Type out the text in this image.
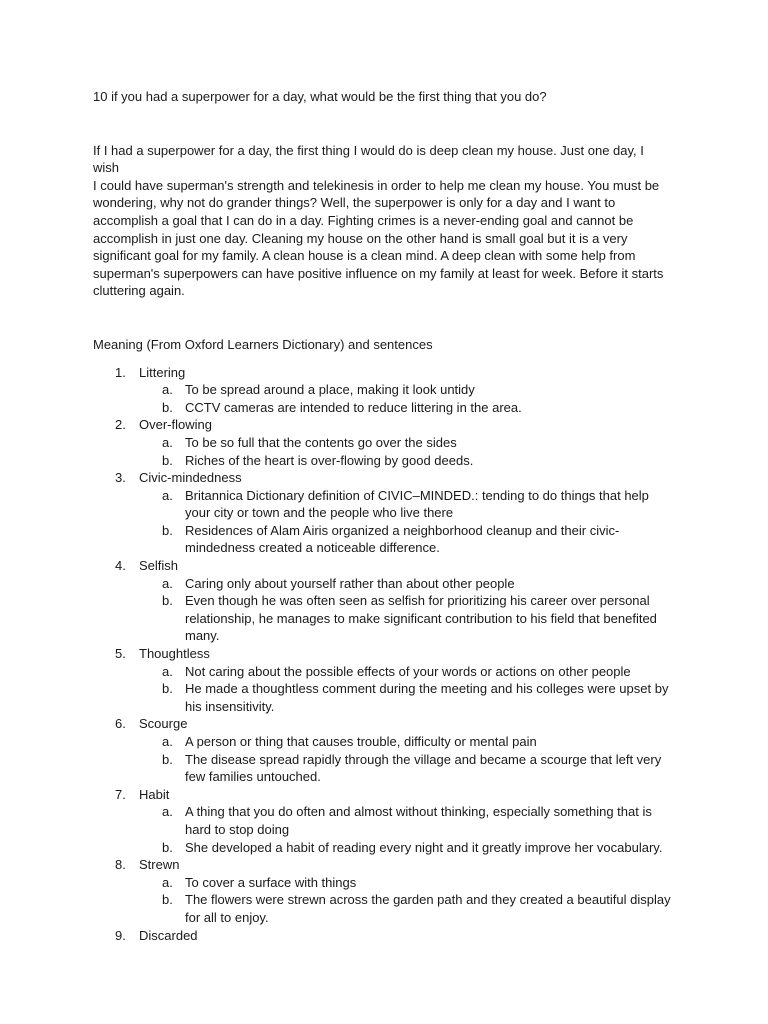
10 if you had a superpower for a day, what would be the first thing that you do?

If I had a superpower for a day, the first thing I would do is deep clean my house. Just one day, I wish
I could have superman's strength and telekinesis in order to help me clean my house. You must be
wondering, why not do grander things? Well, the superpower is only for a day and I want to
accomplish a goal that I can do in a day. Fighting crimes is a never-ending goal and cannot be
accomplish in just one day. Cleaning my house on the other hand is small goal but it is a very
significant goal for my family. A clean house is a clean mind. A deep clean with some help from
superman's superpowers can have positive influence on my family at least for week. Before it starts
cluttering again.

Meaning (From Oxford Learners Dictionary) and sentences

1. Littering
a. To be spread around a place, making it look untidy
b. CCTV cameras are intended to reduce littering in the area.
2. Over-flowing
a. To be so full that the contents go over the sides
b. Riches of the heart is over-flowing by good deeds.
3. Civic-mindedness
a. Britannica Dictionary definition of CIVIC–MINDED.: tending to do things that help your city or town and the people who live there
b. Residences of Alam Airis organized a neighborhood cleanup and their civic-mindedness created a noticeable difference.
4. Selfish
a. Caring only about yourself rather than about other people
b. Even though he was often seen as selfish for prioritizing his career over personal relationship, he manages to make significant contribution to his field that benefited many.
5. Thoughtless
a. Not caring about the possible effects of your words or actions on other people
b. He made a thoughtless comment during the meeting and his colleges were upset by his insensitivity.
6. Scourge
a. A person or thing that causes trouble, difficulty or mental pain
b. The disease spread rapidly through the village and became a scourge that left very few families untouched.
7. Habit
a. A thing that you do often and almost without thinking, especially something that is hard to stop doing
b. She developed a habit of reading every night and it greatly improve her vocabulary.
8. Strewn
a. To cover a surface with things
b. The flowers were strewn across the garden path and they created a beautiful display for all to enjoy.
9. Discarded
